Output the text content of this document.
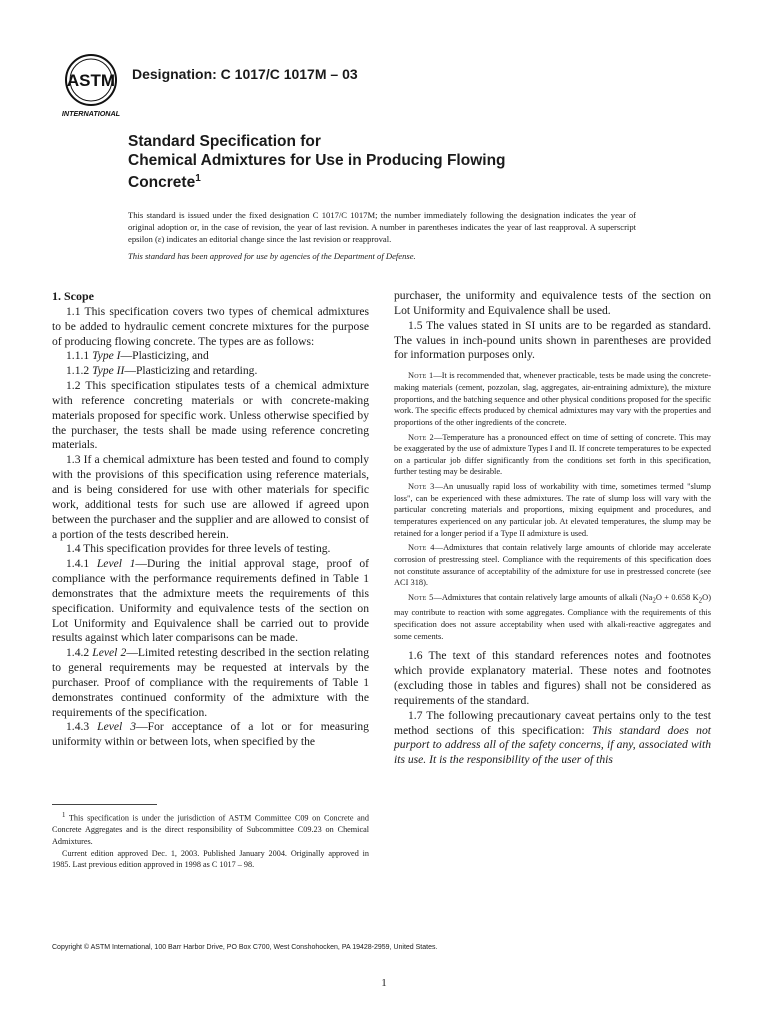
ASTM
INTERNATIONAL
Designation: C 1017/C 1017M – 03
Standard Specification for
Chemical Admixtures for Use in Producing Flowing
Concrete$^1$
This standard is issued under the fixed designation C 1017/C 1017M; the number immediately following the designation indicates the year of original adoption or, in the case of revision, the year of last revision. A number in parentheses indicates the year of last reapproval. A superscript epsilon (ε) indicates an editorial change since the last revision or reapproval.
This standard has been approved for use by agencies of the Department of Defense.

1. Scope

1.1 This specification covers two types of chemical admixtures to be added to hydraulic cement concrete mixtures for the purpose of producing flowing concrete. The types are as follows:

1.1.1 Type I—Plasticizing, and

1.1.2 Type II—Plasticizing and retarding.

1.2 This specification stipulates tests of a chemical admixture with reference concreting materials or with concrete-making materials proposed for specific work. Unless otherwise specified by the purchaser, the tests shall be made using reference concreting materials.

1.3 If a chemical admixture has been tested and found to comply with the provisions of this specification using reference materials, and is being considered for use with other materials for specific work, additional tests for such use are allowed if agreed upon between the purchaser and the supplier and are allowed to consist of a portion of the tests described herein.

1.4 This specification provides for three levels of testing.

1.4.1 Level 1—During the initial approval stage, proof of compliance with the performance requirements defined in Table 1 demonstrates that the admixture meets the requirements of this specification. Uniformity and equivalence tests of the section on Lot Uniformity and Equivalence shall be carried out to provide results against which later comparisons can be made.

1.4.2 Level 2—Limited retesting described in the section relating to general requirements may be requested at intervals by the purchaser. Proof of compliance with the requirements of Table 1 demonstrates continued conformity of the admixture with the requirements of the specification.

1.4.3 Level 3—For acceptance of a lot or for measuring uniformity within or between lots, when specified by the

purchaser, the uniformity and equivalence tests of the section on Lot Uniformity and Equivalence shall be used.

1.5 The values stated in SI units are to be regarded as standard. The values in inch-pound units shown in parentheses are provided for information purposes only.

Note 1—It is recommended that, whenever practicable, tests be made using the concrete-making materials (cement, pozzolan, slag, aggregates, air-entraining admixture), the mixture proportions, and the batching sequence and other physical conditions proposed for the specific work. The specific effects produced by chemical admixtures may vary with the properties and proportions of the other ingredients of the concrete.

Note 2—Temperature has a pronounced effect on time of setting of concrete. This may be exaggerated by the use of admixture Types I and II. If concrete temperatures to be expected on a particular job differ significantly from the conditions set forth in this specification, further testing may be desirable.

Note 3—An unusually rapid loss of workability with time, sometimes termed "slump loss", can be experienced with these admixtures. The rate of slump loss will vary with the particular concreting materials and proportions, mixing equipment and procedures, and temperatures experienced on any particular job. At elevated temperatures, the slump may be retained for a longer period if a Type II admixture is used.

Note 4—Admixtures that contain relatively large amounts of chloride may accelerate corrosion of prestressing steel. Compliance with the requirements of this specification does not constitute assurance of acceptability of the admixture for use in prestressed concrete (see ACI 318).

Note 5—Admixtures that contain relatively large amounts of alkali ($Na_2O + 0.658$ $K_2O$) may contribute to reaction with some aggregates. Compliance with the requirements of this specification does not assure acceptability when used with alkali-reactive aggregates and some cements.

1.6 The text of this standard references notes and footnotes which provide explanatory material. These notes and footnotes (excluding those in tables and figures) shall not be considered as requirements of the standard.

1.7 The following precautionary caveat pertains only to the test method sections of this specification: This standard does not purport to address all of the safety concerns, if any, associated with its use. It is the responsibility of the user of this

$^1$ This specification is under the jurisdiction of ASTM Committee C09 on Concrete and Concrete Aggregates and is the direct responsibility of Subcommittee C09.23 on Chemical Admixtures.

Current edition approved Dec. 1, 2003. Published January 2004. Originally approved in 1985. Last previous edition approved in 1998 as C 1017 – 98.

Copyright © ASTM International, 100 Barr Harbor Drive, PO Box C700, West Conshohocken, PA 19428-2959, United States.
1
